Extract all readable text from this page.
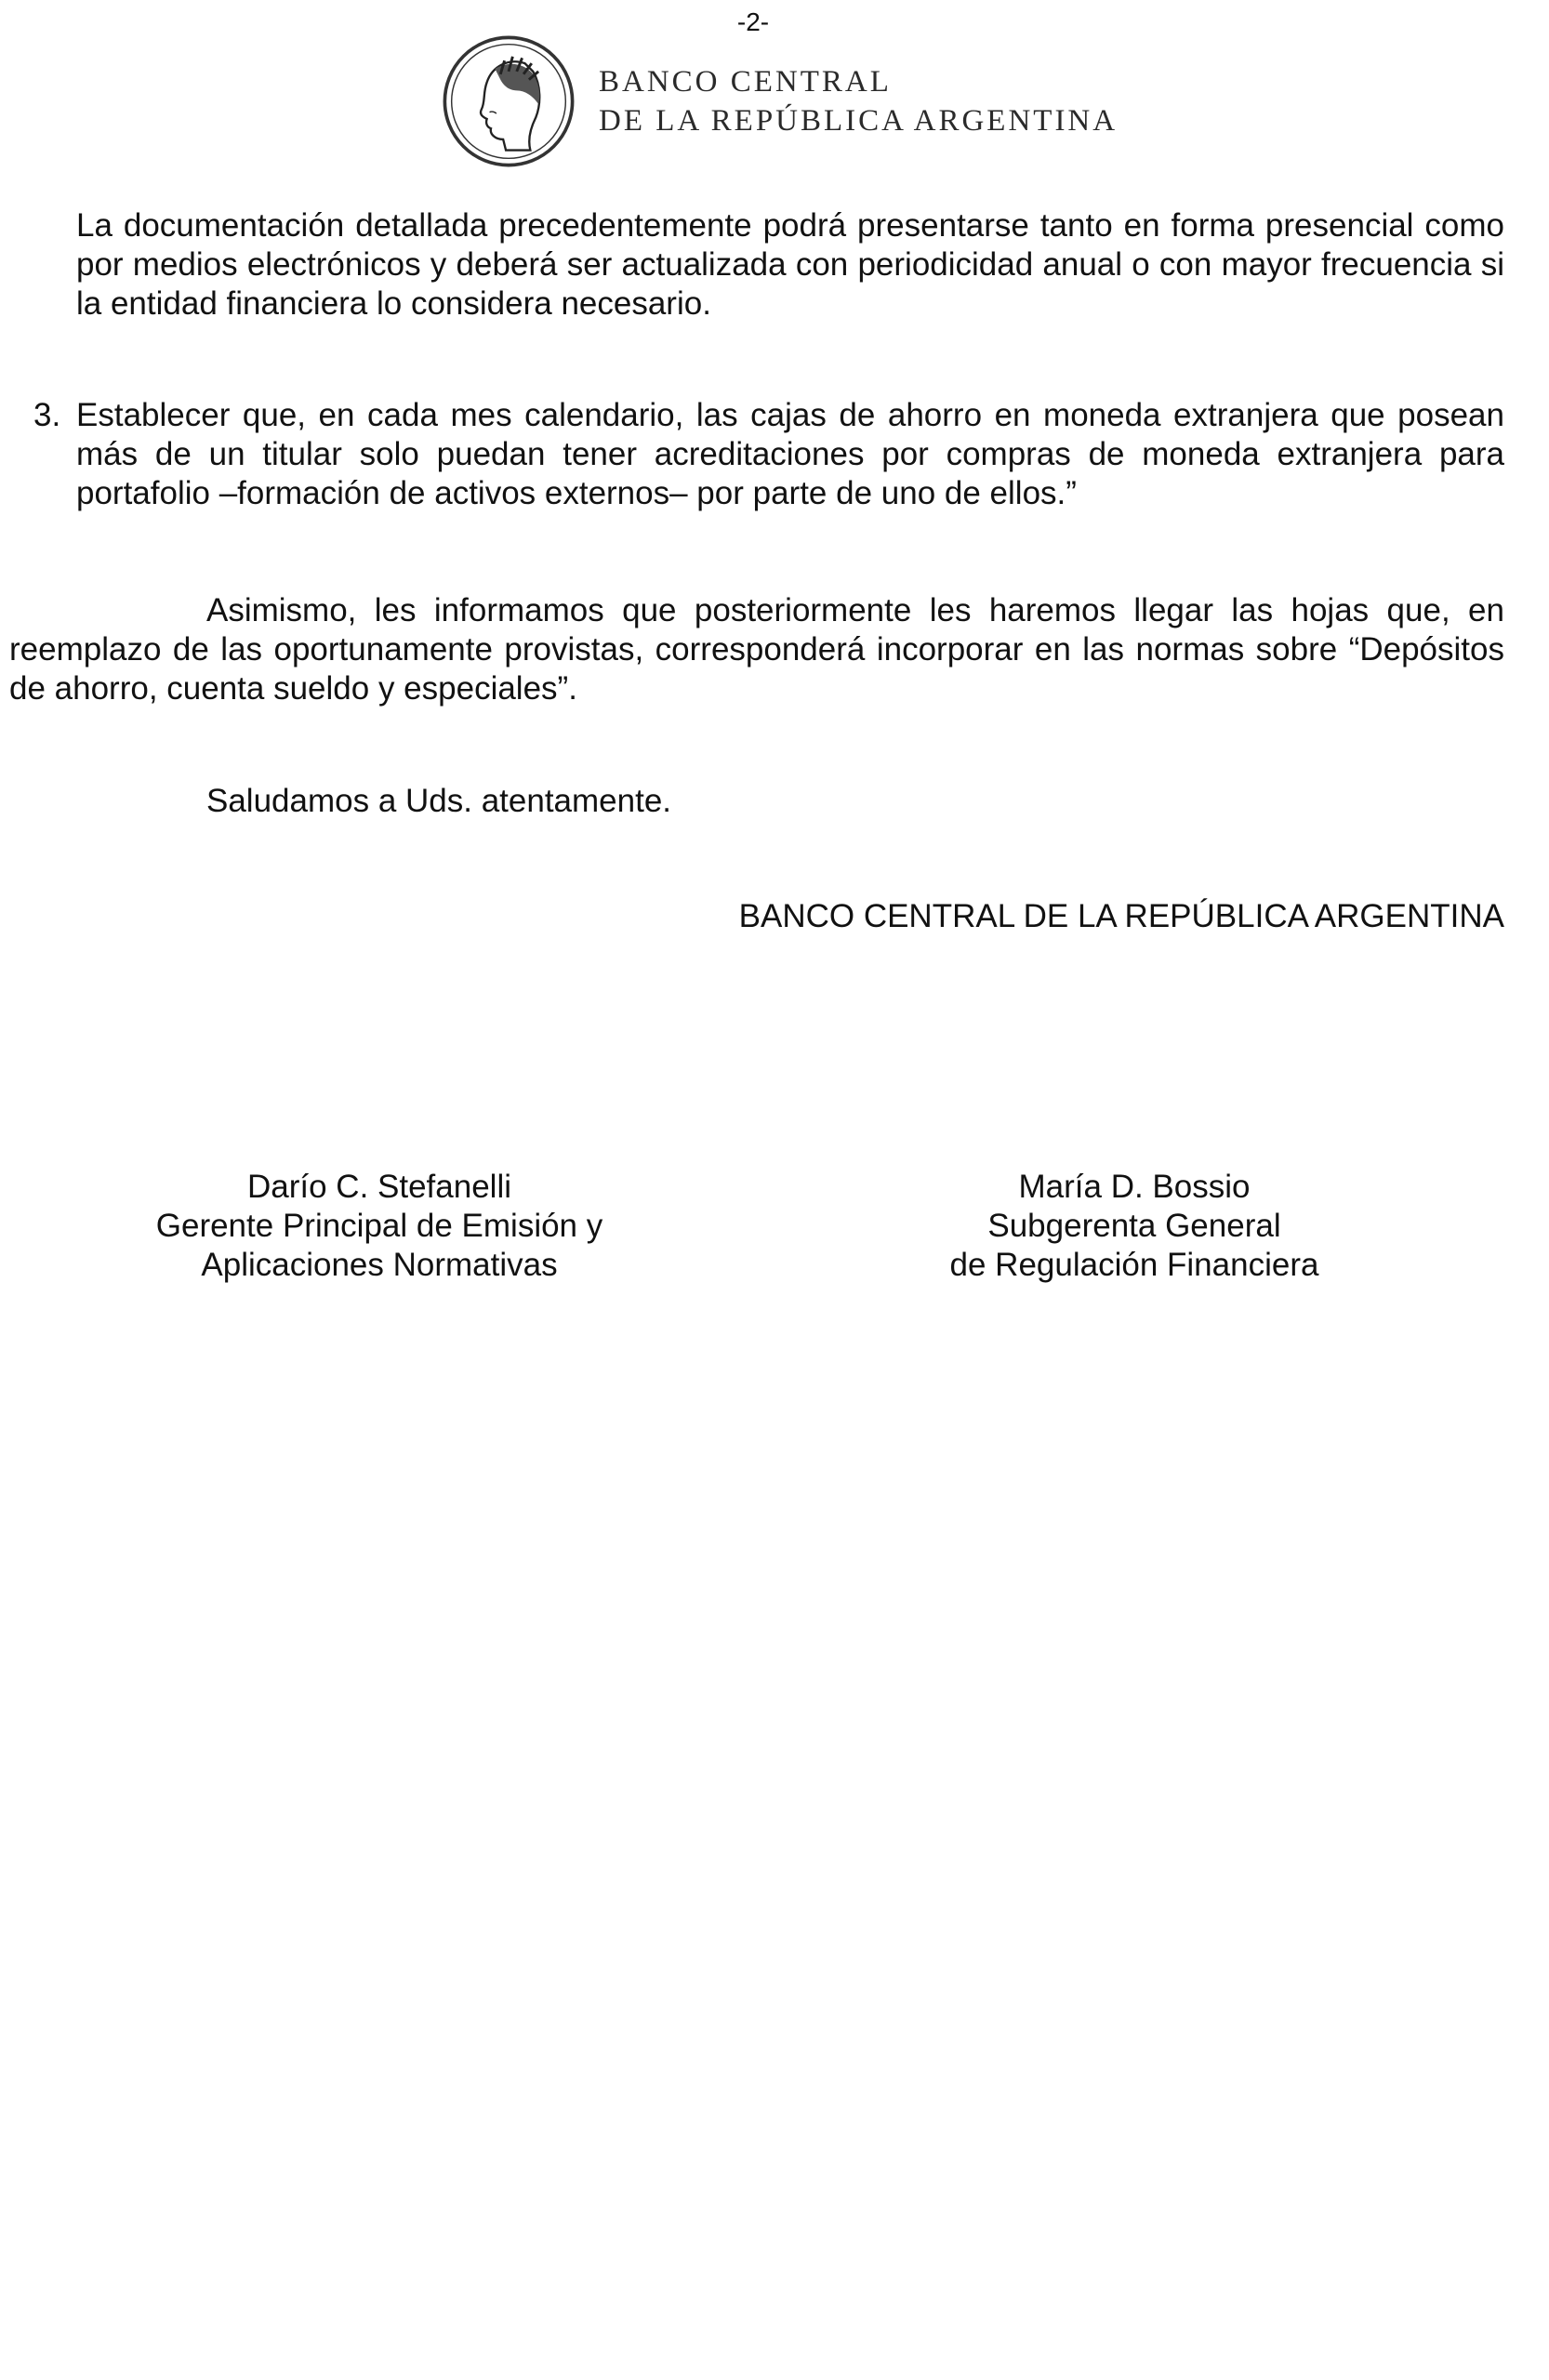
-2-
BANCO CENTRAL
DE LA REPÚBLICA ARGENTINA

La documentación detallada precedentemente podrá presentarse tanto en forma presencial como por medios electrónicos y deberá ser actualizada con periodicidad anual o con mayor frecuencia si la entidad financiera lo considera necesario.

3. Establecer que, en cada mes calendario, las cajas de ahorro en moneda extranjera que posean más de un titular solo puedan tener acreditaciones por compras de moneda extranjera para portafolio –formación de activos externos– por parte de uno de ellos.”

Asimismo, les informamos que posteriormente les haremos llegar las hojas que, en reemplazo de las oportunamente provistas, corresponderá incorporar en las normas sobre “Depósitos de ahorro, cuenta sueldo y especiales”.

Saludamos a Uds. atentamente.
BANCO CENTRAL DE LA REPÚBLICA ARGENTINA
Darío C. Stefanelli
Gerente Principal de Emisión y
Aplicaciones Normativas
María D. Bossio
Subgerenta General
de Regulación Financiera
